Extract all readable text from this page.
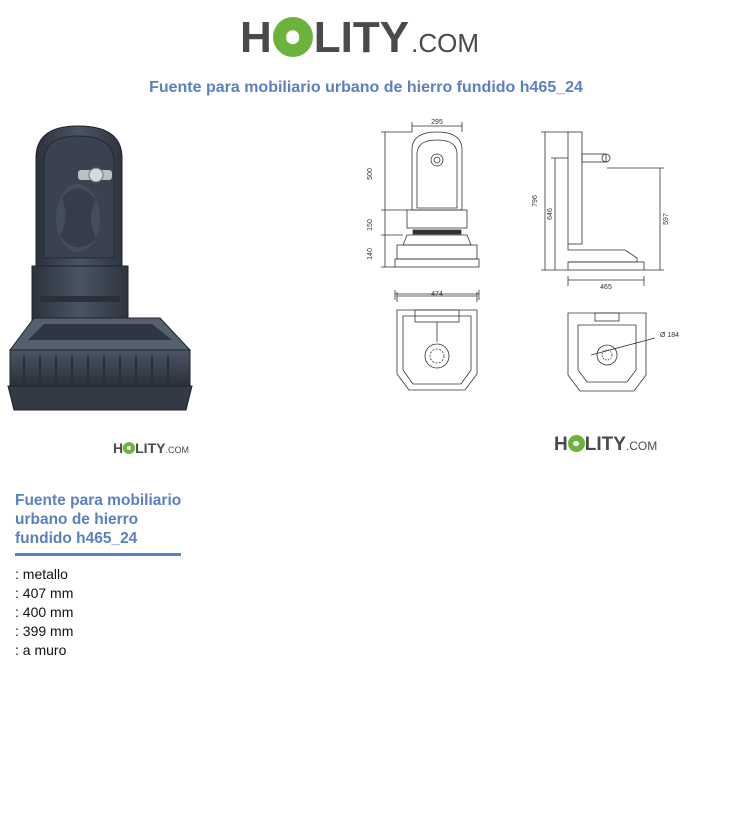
H LITY .COM
Fuente para mobiliario urbano de hierro fundido h465_24
H LITY .COM
295
500
150
140
796
646	597
465
474
Ø 184
H LITY .COM
Fuente para mobiliario urbano de hierro fundido h465_24
: metallo
: 407 mm
: 400 mm
: 399 mm
: a muro
